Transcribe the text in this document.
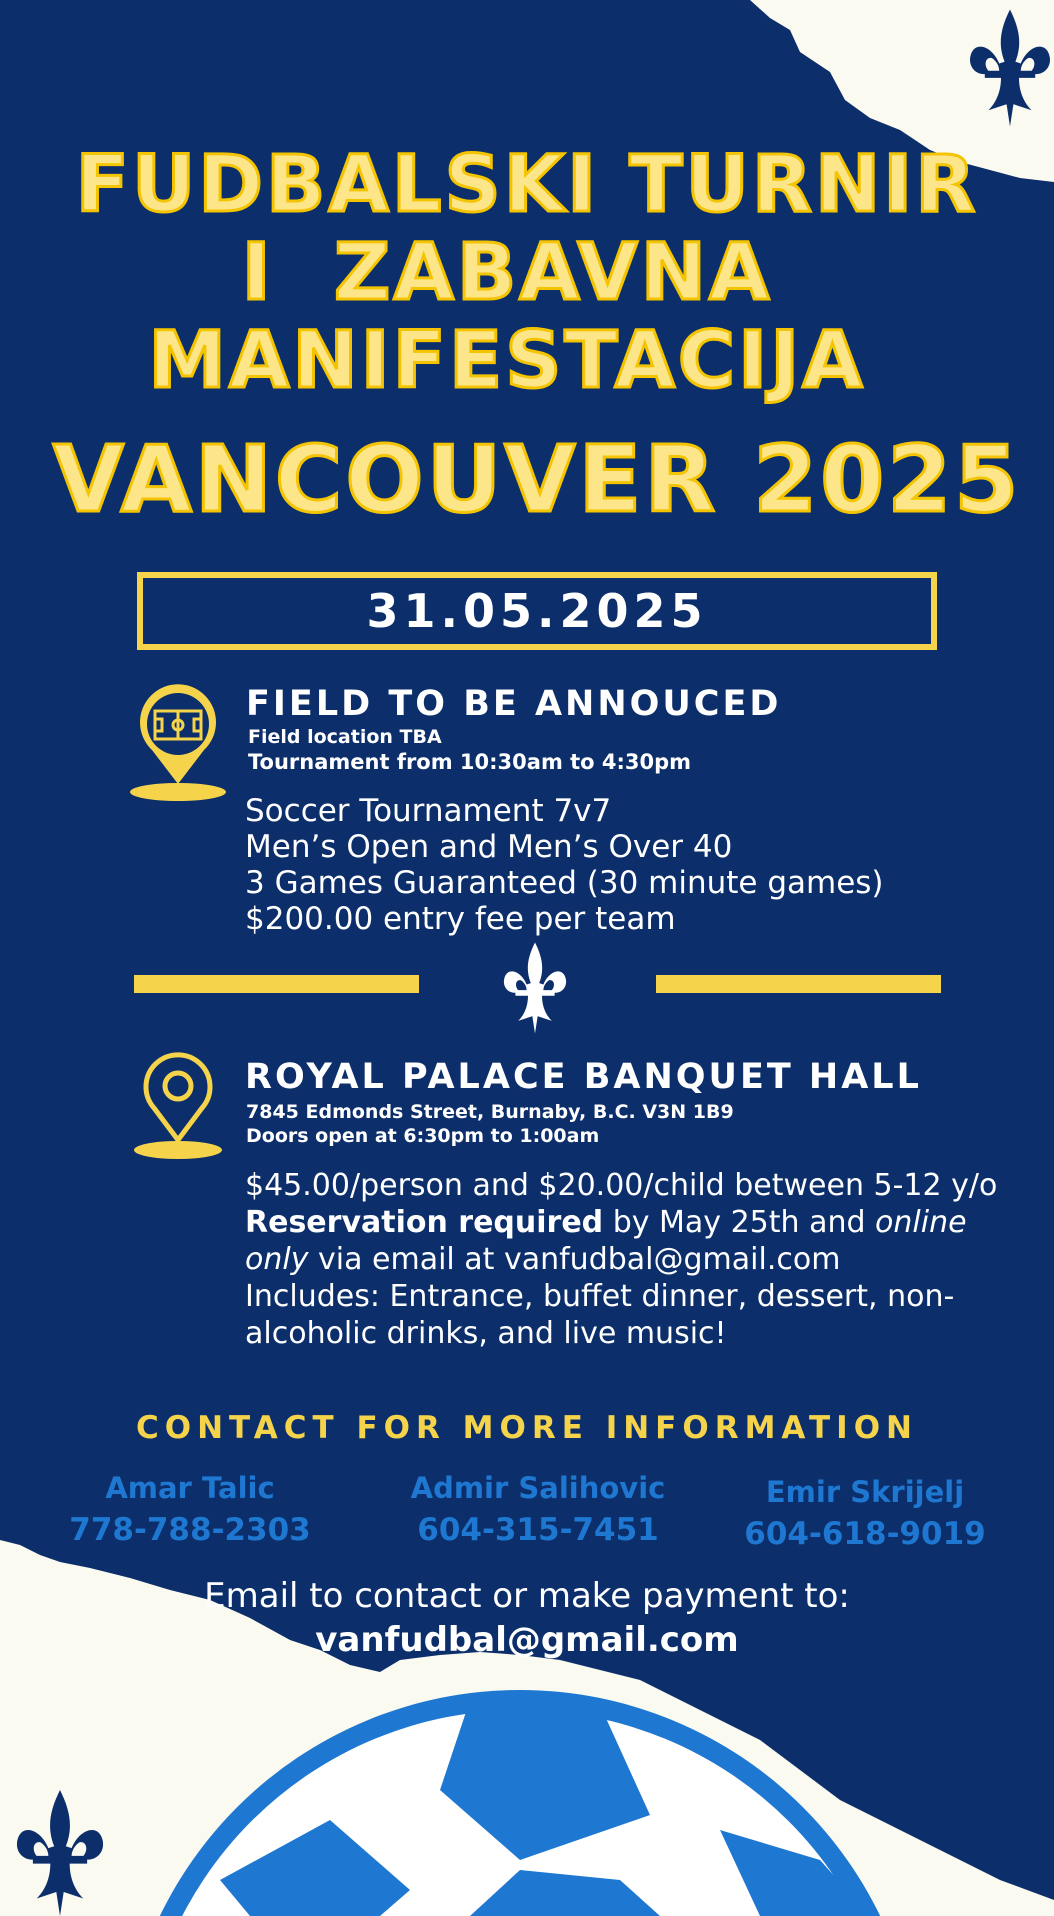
FUDBALSKI TURNIR
I  ZABAVNA
MANIFESTACIJA
VANCOUVER 2025
31.05.2025
FIELD TO BE ANNOUCED
Field location TBA
Tournament from 10:30am to 4:30pm
Soccer Tournament 7v7
Men’s Open and Men’s Over 40
3 Games Guaranteed (30 minute games)
$200.00 entry fee per team
ROYAL PALACE BANQUET HALL
7845 Edmonds Street, Burnaby, B.C. V3N 1B9
Doors open at 6:30pm to 1:00am
$45.00/person and $20.00/child between 5-12 y/o
Reservation required by May 25th and online
only via email at vanfudbal@gmail.com
Includes: Entrance, buffet dinner, dessert, non-
alcoholic drinks, and live music!
CONTACT FOR MORE INFORMATION
Amar Talic
778-788-2303
Admir Salihovic
604-315-7451
Emir Skrijelj
604-618-9019
Email to contact or make payment to:
vanfudbal@gmail.com
